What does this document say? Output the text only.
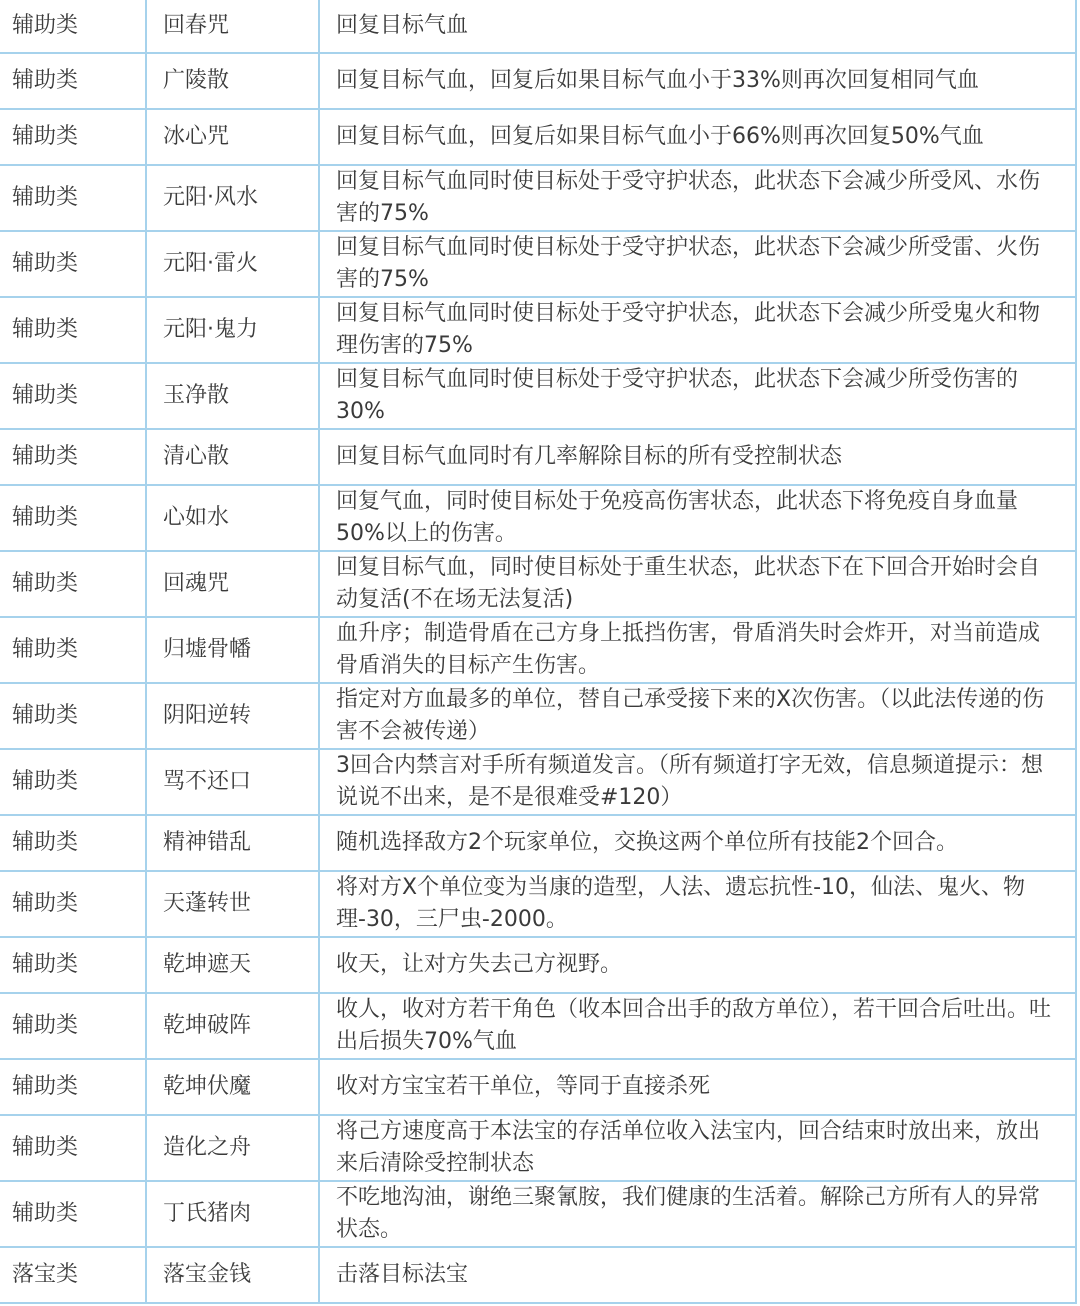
辅助类	回春咒	回复目标气血
辅助类	广陵散	回复目标气血，回复后如果目标气血小于33%则再次回复相同气血
辅助类	冰心咒	回复目标气血，回复后如果目标气血小于66%则再次回复50%气血
辅助类	元阳·风水	回复目标气血同时使目标处于受守护状态，此状态下会减少所受风、水伤害的75%
辅助类	元阳·雷火	回复目标气血同时使目标处于受守护状态，此状态下会减少所受雷、火伤害的75%
辅助类	元阳·鬼力	回复目标气血同时使目标处于受守护状态，此状态下会减少所受鬼火和物理伤害的75%
辅助类	玉净散	回复目标气血同时使目标处于受守护状态，此状态下会减少所受伤害的30%
辅助类	清心散	回复目标气血同时有几率解除目标的所有受控制状态
辅助类	心如水	回复气血，同时使目标处于免疫高伤害状态，此状态下将免疫自身血量50%以上的伤害。
辅助类	回魂咒	回复目标气血，同时使目标处于重生状态，此状态下在下回合开始时会自动复活(不在场无法复活)
辅助类	归墟骨幡	血升序；制造骨盾在己方身上抵挡伤害，骨盾消失时会炸开，对当前造成骨盾消失的目标产生伤害。
辅助类	阴阳逆转	指定对方血最多的单位，替自己承受接下来的X次伤害。（以此法传递的伤害不会被传递）
辅助类	骂不还口	3回合内禁言对手所有频道发言。（所有频道打字无效，信息频道提示：想说说不出来，是不是很难受#120）
辅助类	精神错乱	随机选择敌方2个玩家单位，交换这两个单位所有技能2个回合。
辅助类	天蓬转世	将对方X个单位变为当康的造型，人法、遗忘抗性-10，仙法、鬼火、物理-30，三尸虫-2000。
辅助类	乾坤遮天	收天，让对方失去己方视野。
辅助类	乾坤破阵	收人，收对方若干角色（收本回合出手的敌方单位），若干回合后吐出。吐出后损失70%气血
辅助类	乾坤伏魔	收对方宝宝若干单位，等同于直接杀死
辅助类	造化之舟	将己方速度高于本法宝的存活单位收入法宝内，回合结束时放出来，放出来后清除受控制状态
辅助类	丁氏猪肉	不吃地沟油，谢绝三聚氰胺，我们健康的生活着。解除己方所有人的异常状态。
落宝类	落宝金钱	击落目标法宝
